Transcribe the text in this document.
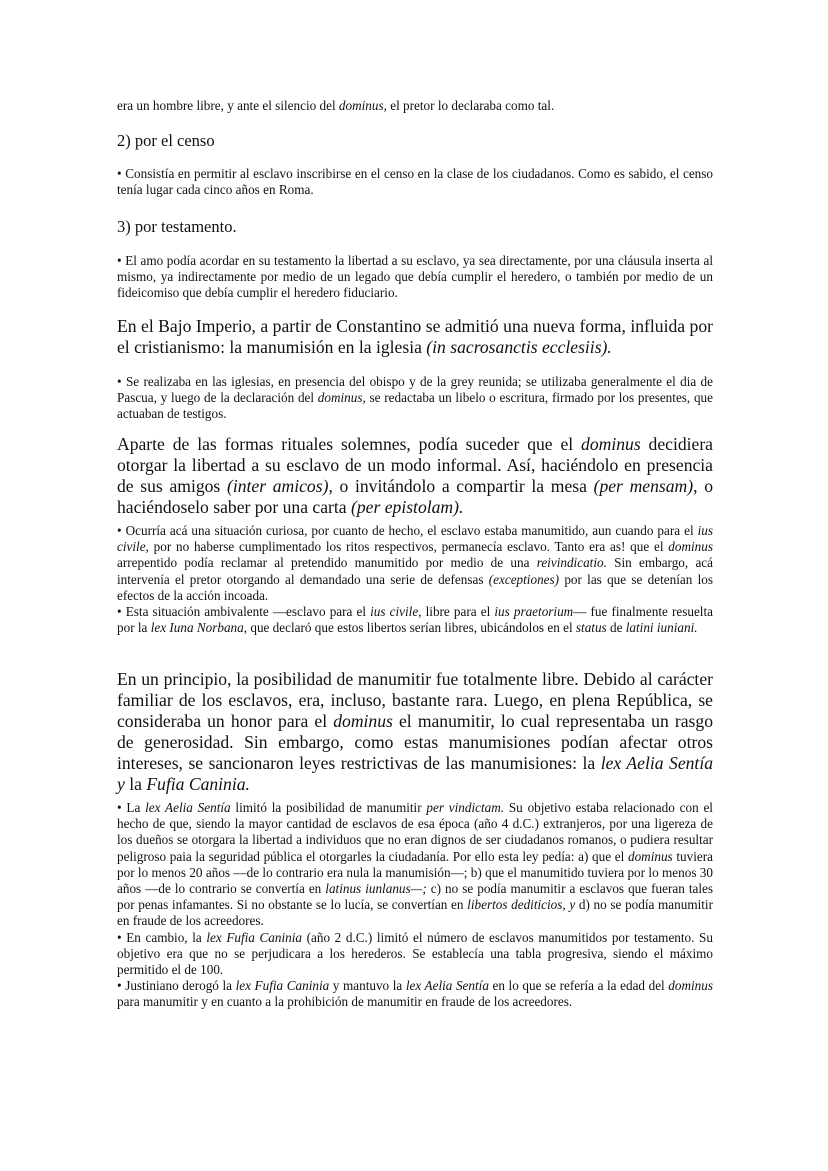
era un hombre libre, y ante el silencio del dominus, el pretor lo declaraba como tal.

2) por el censo

• Consistía en permitir al esclavo inscribirse en el censo en la clase de los ciudadanos. Como es sabido, el censo tenía lugar cada cinco años en Roma.

3) por testamento.

• El amo podía acordar en su testamento la libertad a su esclavo, ya sea directamente, por una cláusula inserta al mismo, ya indirectamente por medio de un legado que debía cumplir el heredero, o también por medio de un fideicomiso que debía cumplir el heredero fiduciario.

En el Bajo Imperio, a partir de Constantino se admitió una nueva forma, influida por el cristianismo: la manumisión en la iglesia (in sacrosanctis ecclesiis).

• Se realizaba en las iglesias, en presencia del obispo y de la grey reunida; se utilizaba generalmente el dia de Pascua, y luego de la declaración del dominus, se redactaba un libelo o escritura, firmado por los presentes, que actuaban de testigos.

Aparte de las formas rituales solemnes, podía suceder que el dominus decidiera otorgar la libertad a su esclavo de un modo informal. Así, haciéndolo en presencia de sus amigos (inter amicos), o invitándolo a compartir la mesa (per mensam), o haciéndoselo saber por una carta (per epistolam).

• Ocurría acá una situación curiosa, por cuanto de hecho, el esclavo estaba manumitido, aun cuando para el ius civile, por no haberse cumplimentado los ritos respectivos, permanecía esclavo. Tanto era as! que el dominus arrepentido podía reclamar al pretendido manumitido por medio de una reivindicatio. Sin embargo, acá intervenía el pretor otorgando al demandado una serie de defensas (exceptiones) por las que se detenían los efectos de la acción incoada.

• Esta situación ambivalente —esclavo para el ius civile, libre para el ius praetorium— fue finalmente resuelta por la lex Iuna Norbana, que declaró que estos libertos serían libres, ubicándolos en el status de latini iuniani.

En un principio, la posibilidad de manumitir fue totalmente libre. Debido al carácter familiar de los esclavos, era, incluso, bastante rara. Luego, en plena República, se consideraba un honor para el dominus el manumitir, lo cual representaba un rasgo de generosidad. Sin embargo, como estas manumisiones podían afectar otros intereses, se sancionaron leyes restrictivas de las manumisiones: la lex Aelia Sentía y la Fufia Caninia.

• La lex Aelia Sentía limitó la posibilidad de manumitir per vindictam. Su objetivo estaba relacionado con el hecho de que, siendo la mayor cantidad de esclavos de esa época (año 4 d.C.) extranjeros, por una ligereza de los dueños se otorgara la libertad a individuos que no eran dignos de ser ciudadanos romanos, o pudiera resultar peligroso paia la seguridad pública el otorgarles la ciudadanía. Por ello esta ley pedía: a) que el dominus tuviera por lo menos 20 años —de lo contrario era nula la manumisión—; b) que el manumitido tuviera por lo menos 30 años —de lo contrario se convertía en latinus iunlanus—; c) no se podía manumitir a esclavos que fueran tales por penas infamantes. Si no obstante se lo lucía, se convertían en libertos dediticios, y d) no se podía manumitir en fraude de los acreedores.

• En cambio, la lex Fufia Caninia (año 2 d.C.) limitó el número de esclavos manumitidos por testamento. Su objetivo era que no se perjudicara a los herederos. Se establecía una tabla progresiva, siendo el máximo permitido el de 100.

• Justiniano derogó la lex Fufia Caninia y mantuvo la lex Aelia Sentía en lo que se refería a la edad del dominus para manumitir y en cuanto a la prohibición de manumitir en fraude de los acreedores.
